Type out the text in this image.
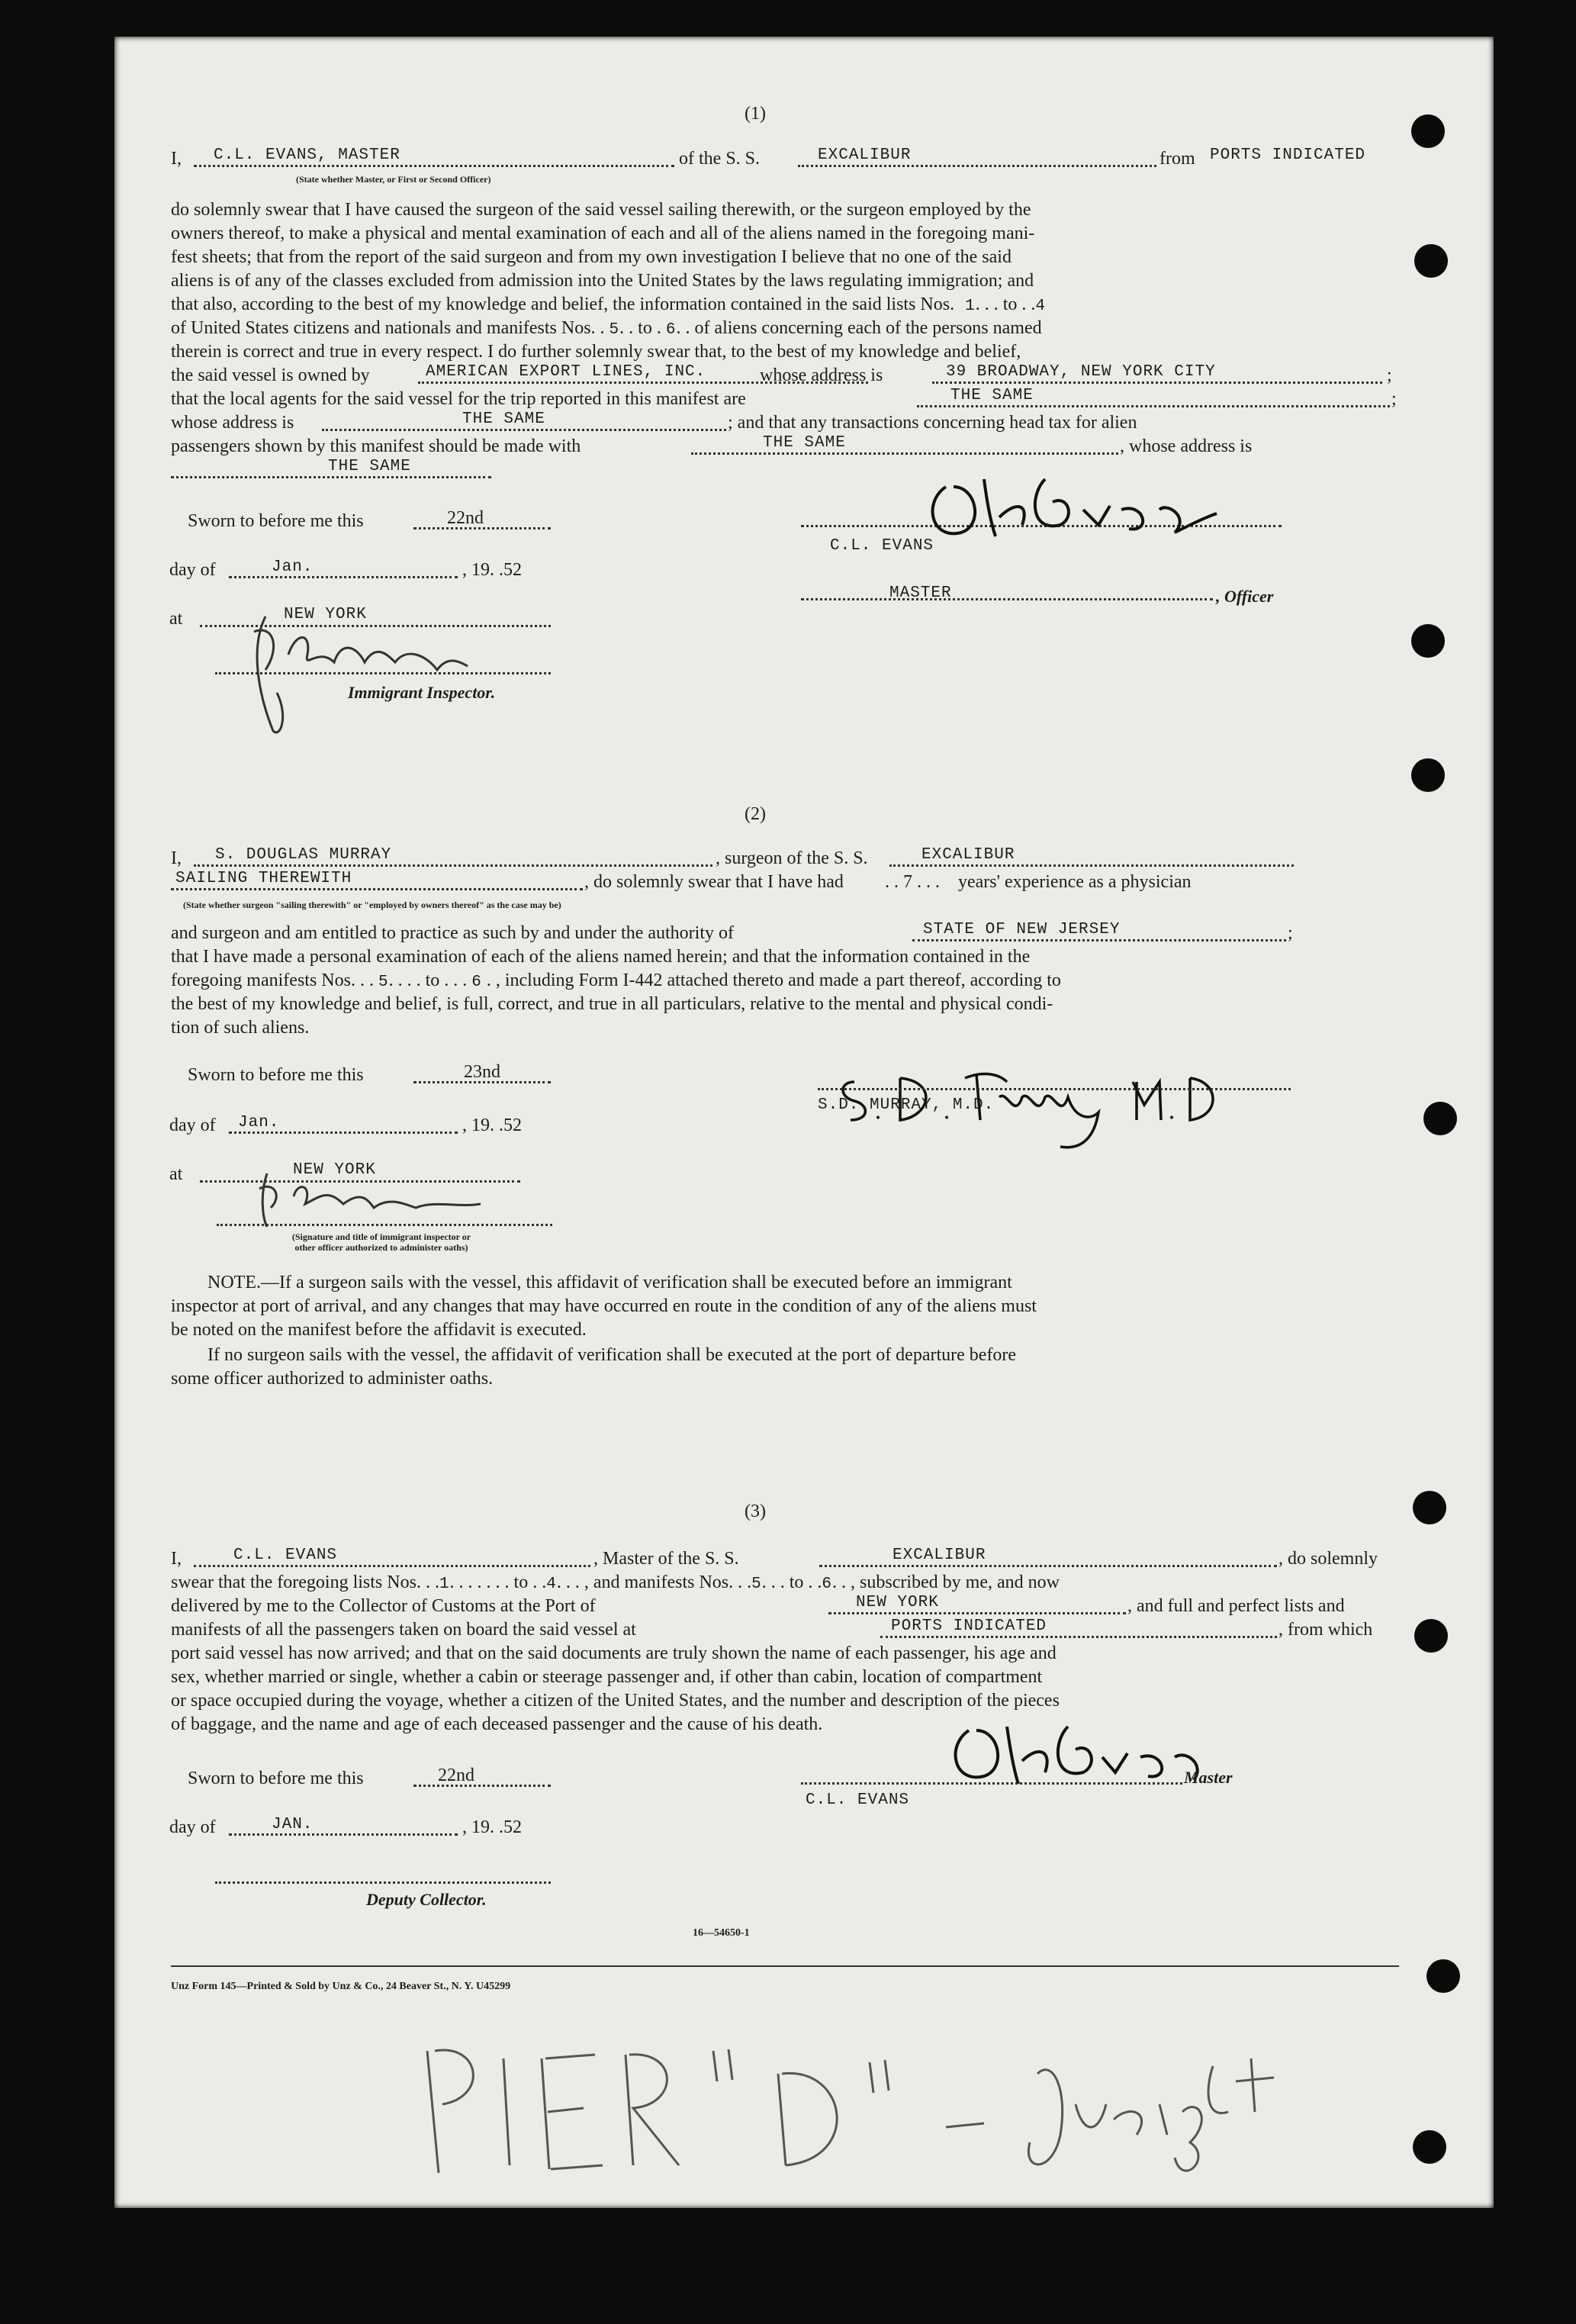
(1)
I, C.L. EVANS, MASTER	of the S. S.	EXCALIBUR	from PORTS INDICATED
(State whether Master, or First or Second Officer)
do solemnly swear that I have caused the surgeon of the said vessel sailing therewith, or the surgeon employed by the
owners thereof, to make a physical and mental examination of each and all of the aliens named in the foregoing mani-
fest sheets; that from the report of the said surgeon and from my own investigation I believe that no one of the said
aliens is of any of the classes excluded from admission into the United States by the laws regulating immigration; and
that also, according to the best of my knowledge and belief, the information contained in the said lists Nos. 1. . . to . .4
of United States citizens and nationals and manifests Nos. . 5. . to . 6. . of aliens concerning each of the persons named
therein is correct and true in every respect. I do further solemnly swear that, to the best of my knowledge and belief,
the said vessel is owned by	AMERICAN EXPORT LINES, INC.	whose address is	39 BROADWAY, NEW YORK CITY	;
that the local agents for the said vessel for the trip reported in this manifest are	THE SAME	;
whose address is	THE SAME	; and that any transactions concerning head tax for alien
passengers shown by this manifest should be made with	THE SAME	, whose address is
THE SAME
Sworn to before me this	22nd
day of	Jan.	, 19. .52
at	NEW YORK
Immigrant Inspector.
C.L. EVANS
MASTER	, Officer
(2)
I, S. DOUGLAS MURRAY	, surgeon of the S. S.	EXCALIBUR
SAILING THEREWITH	, do solemnly swear that I have had . . 7 . . . years' experience as a physician
(State whether surgeon "sailing therewith" or "employed by owners thereof" as the case may be)
and surgeon and am entitled to practice as such by and under the authority of	STATE OF NEW JERSEY	;
that I have made a personal examination of each of the aliens named herein; and that the information contained in the
foregoing manifests Nos. . . 5. . . . to . . . 6 . , including Form I-442 attached thereto and made a part thereof, according to
the best of my knowledge and belief, is full, correct, and true in all particulars, relative to the mental and physical condi-
tion of such aliens.
Sworn to before me this	23nd
day of Jan.	, 19. .52
at	NEW YORK
(Signature and title of immigrant inspector or
other officer authorized to administer oaths)
S.D. MURRAY, M.D.
NOTE.—If a surgeon sails with the vessel, this affidavit of verification shall be executed before an immigrant
inspector at port of arrival, and any changes that may have occurred en route in the condition of any of the aliens must
be noted on the manifest before the affidavit is executed.
If no surgeon sails with the vessel, the affidavit of verification shall be executed at the port of departure before
some officer authorized to administer oaths.
(3)
I,	C.L. EVANS	, Master of the S. S.	EXCALIBUR	, do solemnly
swear that the foregoing lists Nos. . .1. . . . . . . to . .4. . . , and manifests Nos. . .5. . . to . .6. . , subscribed by me, and now
delivered by me to the Collector of Customs at the Port of	NEW YORK	, and full and perfect lists and
manifests of all the passengers taken on board the said vessel at	PORTS INDICATED	, from which
port said vessel has now arrived; and that on the said documents are truly shown the name of each passenger, his age and
sex, whether married or single, whether a cabin or steerage passenger and, if other than cabin, location of compartment
or space occupied during the voyage, whether a citizen of the United States, and the number and description of the pieces
of baggage, and the name and age of each deceased passenger and the cause of his death.
Sworn to before me this	22nd
day of	JAN.	, 19. .52
Deputy Collector.
Master
C.L. EVANS
16—54650-1
Unz Form 145—Printed & Sold by Unz & Co., 24 Beaver St., N. Y. U45299
